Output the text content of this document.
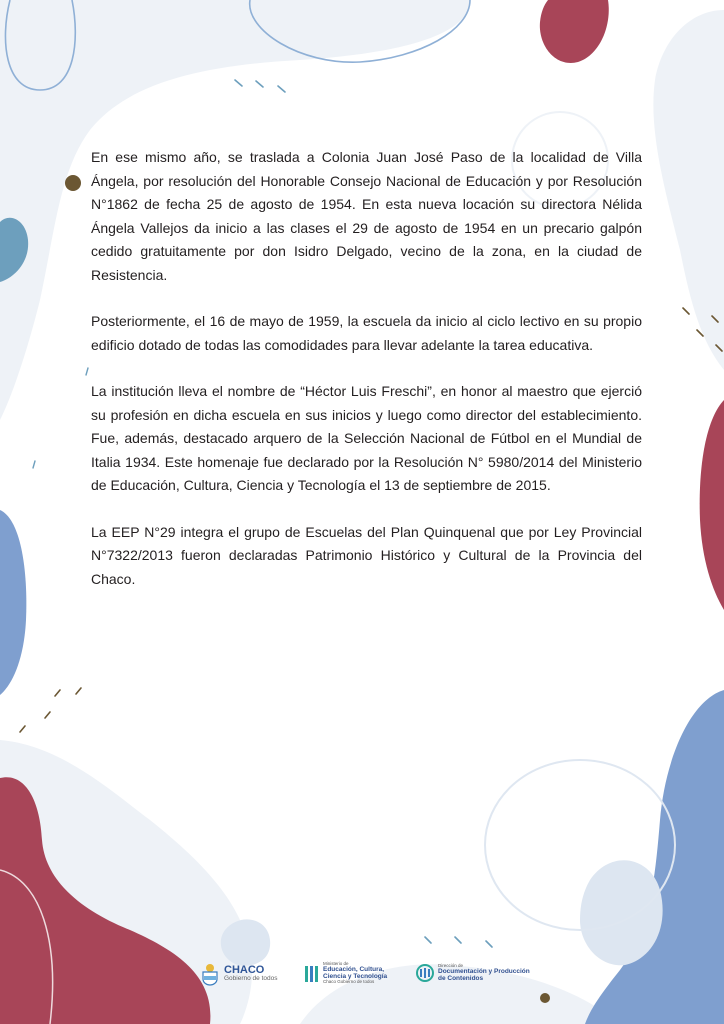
En ese mismo año, se traslada a Colonia Juan José Paso de la localidad de Villa Ángela, por resolución del Honorable Consejo Nacional de Educación y por Resolución N°1862 de fecha 25 de agosto de 1954. En esta nueva locación su directora Nélida Ángela Vallejos da inicio a las clases el 29 de agosto de 1954 en un precario galpón cedido gratuitamente por don Isidro Delgado, vecino de la zona, en la ciudad de Resistencia.

Posteriormente, el 16 de mayo de 1959, la escuela da inicio al ciclo lectivo en su propio edificio dotado de todas las comodidades para llevar adelante la tarea educativa.

La institución lleva el nombre de “Héctor Luis Freschi”, en honor al maestro que ejerció su profesión en dicha escuela en sus inicios y luego como director del establecimiento. Fue, además, destacado arquero de la Selección Nacional de Fútbol en el Mundial de Italia 1934. Este homenaje fue declarado por la Resolución N° 5980/2014 del Ministerio de Educación, Cultura, Ciencia y Tecnología el 13 de septiembre de 2015.

La EEP N°29 integra el grupo de Escuelas del Plan Quinquenal que por Ley Provincial N°7322/2013 fueron declaradas Patrimonio Histórico y Cultural de la Provincia del Chaco.

CHACO
Gobierno de todos
Ministerio de
Educación, Cultura,
Ciencia y Tecnología
Chaco Gobierno de todos
Dirección de
Documentación y Producción
de Contenidos
